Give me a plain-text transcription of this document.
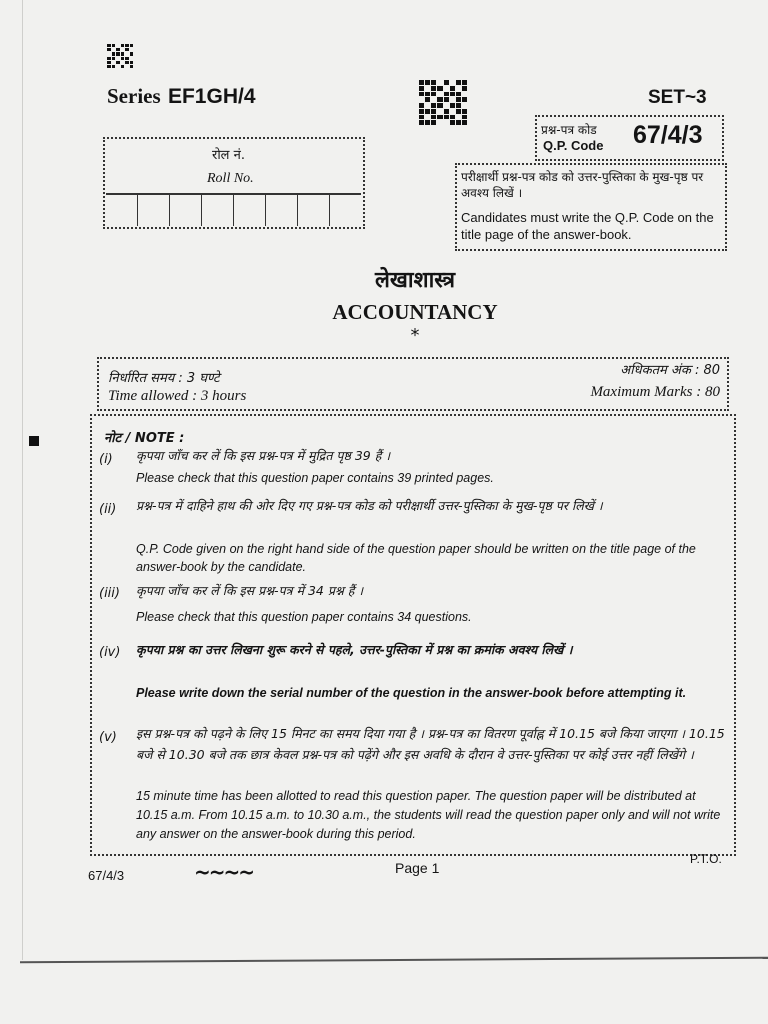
Series EF1GH/4	SET~3
प्रश्न-पत्र कोड
Q.P. Code 67/4/3
रोल नं.
Roll No.	परीक्षार्थी प्रश्न-पत्र कोड को उत्तर-पुस्तिका के मुख-पृष्ठ पर अवश्य लिखें ।
Candidates must write the Q.P. Code on the title page of the answer-book.
लेखाशास्त्र
ACCOUNTANCY
*
निर्धारित समय : 3 घण्टे
Time allowed : 3 hours
अधिकतम अंक : 80
Maximum Marks : 80
नोट / NOTE :
(i) कृपया जाँच कर लें कि इस प्रश्न-पत्र में मुद्रित पृष्ठ 39 हैं ।
Please check that this question paper contains 39 printed pages.
(ii) प्रश्न-पत्र में दाहिने हाथ की ओर दिए गए प्रश्न-पत्र कोड को परीक्षार्थी उत्तर-पुस्तिका के मुख-पृष्ठ पर लिखें ।
Q.P. Code given on the right hand side of the question paper should be written on the title page of the answer-book by the candidate.
(iii) कृपया जाँच कर लें कि इस प्रश्न-पत्र में 34 प्रश्न हैं ।
Please check that this question paper contains 34 questions.
(iv) कृपया प्रश्न का उत्तर लिखना शुरू करने से पहले, उत्तर-पुस्तिका में प्रश्न का क्रमांक अवश्य लिखें ।
Please write down the serial number of the question in the answer-book before attempting it.
(v) इस प्रश्न-पत्र को पढ़ने के लिए 15 मिनट का समय दिया गया है । प्रश्न-पत्र का वितरण पूर्वाह्न में 10.15 बजे किया जाएगा । 10.15 बजे से 10.30 बजे तक छात्र केवल प्रश्न-पत्र को पढ़ेंगे और इस अवधि के दौरान वे उत्तर-पुस्तिका पर कोई उत्तर नहीं लिखेंगे ।
15 minute time has been allotted to read this question paper. The question paper will be distributed at 10.15 a.m. From 10.15 a.m. to 10.30 a.m., the students will read the question paper only and will not write any answer on the answer-book during this period.
67/4/3	~~~~	Page 1
P.T.O.
